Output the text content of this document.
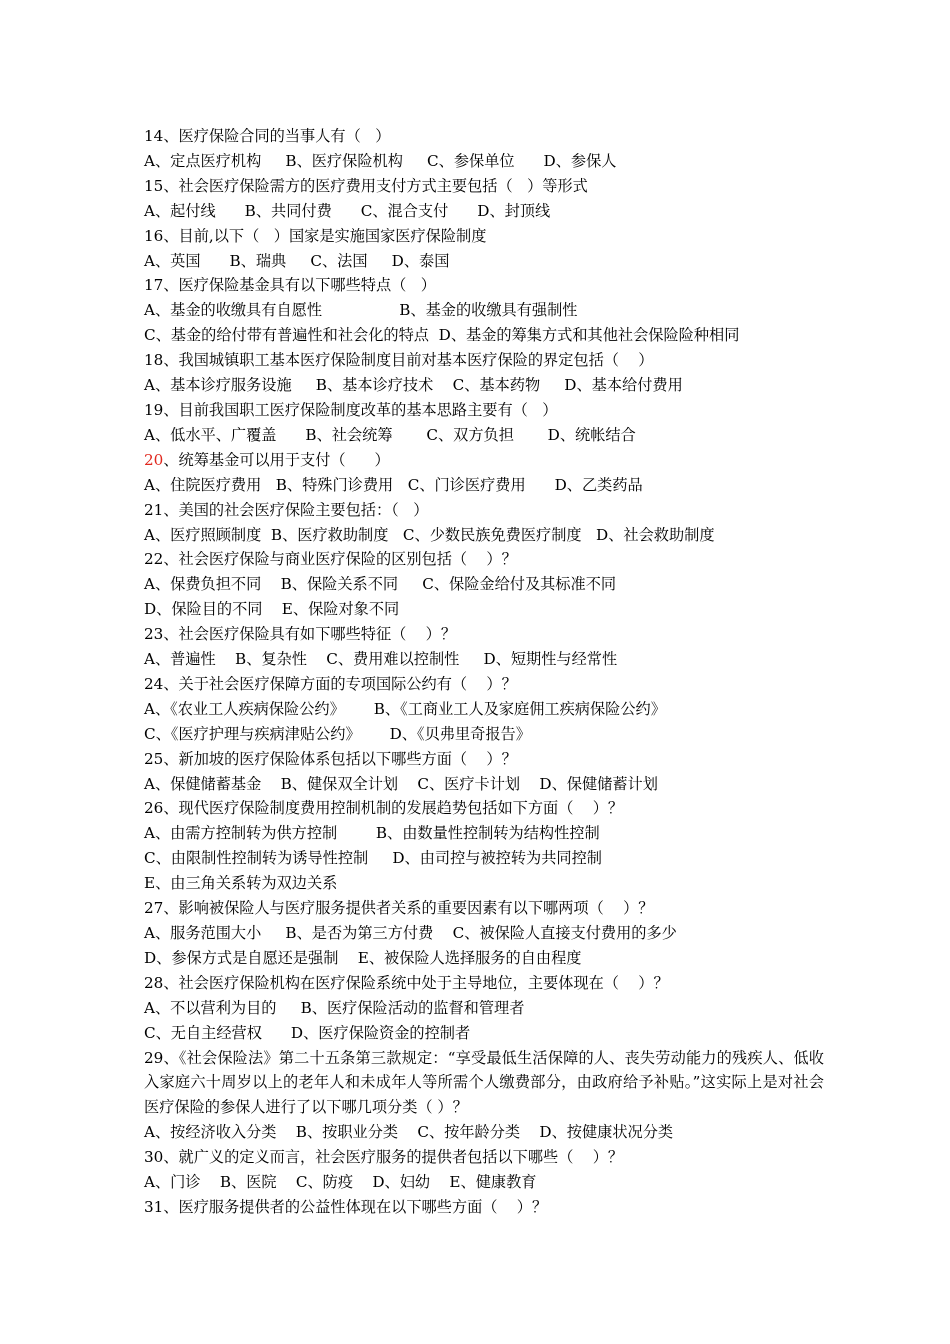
14、医疗保险合同的当事人有（   ）

A、定点医疗机构     B、医疗保险机构     C、参保单位      D、参保人

15、社会医疗保险需方的医疗费用支付方式主要包括（   ）等形式

A、起付线      B、共同付费      C、混合支付      D、封顶线

16、目前,以下（   ）国家是实施国家医疗保险制度

A、英国      B、瑞典     C、法国     D、泰国

17、医疗保险基金具有以下哪些特点（   ）

A、基金的收缴具有自愿性                B、基金的收缴具有强制性

C、基金的给付带有普遍性和社会化的特点  D、基金的筹集方式和其他社会保险险种相同

18、我国城镇职工基本医疗保险制度目前对基本医疗保险的界定包括（    ）

A、基本诊疗服务设施     B、基本诊疗技术    C、基本药物     D、基本给付费用

19、目前我国职工医疗保险制度改革的基本思路主要有（   ）

A、低水平、广覆盖      B、社会统筹       C、双方负担       D、统帐结合

20、统筹基金可以用于支付（      ）

A、住院医疗费用   B、特殊门诊费用   C、门诊医疗费用      D、乙类药品

21、美国的社会医疗保险主要包括：（   ）

A、医疗照顾制度  B、医疗救助制度   C、少数民族免费医疗制度   D、社会救助制度

22、社会医疗保险与商业医疗保险的区别包括（    ）？

A、保费负担不同    B、保险关系不同     C、保险金给付及其标准不同

D、保险目的不同    E、保险对象不同

23、社会医疗保险具有如下哪些特征（    ）？

A、普遍性    B、复杂性    C、费用难以控制性     D、短期性与经常性

24、关于社会医疗保障方面的专项国际公约有（    ）？

A、《农业工人疾病保险公约》      B、《工商业工人及家庭佣工疾病保险公约》

C、《医疗护理与疾病津贴公约》      D、《贝弗里奇报告》

25、新加坡的医疗保险体系包括以下哪些方面（    ）？

A、保健储蓄基金    B、健保双全计划    C、医疗卡计划    D、保健储蓄计划

26、现代医疗保险制度费用控制机制的发展趋势包括如下方面（    ）？

A、由需方控制转为供方控制        B、由数量性控制转为结构性控制

C、由限制性控制转为诱导性控制     D、由司控与被控转为共同控制

E、由三角关系转为双边关系

27、影响被保险人与医疗服务提供者关系的重要因素有以下哪两项（    ）？

A、服务范围大小     B、是否为第三方付费    C、被保险人直接支付费用的多少

D、参保方式是自愿还是强制    E、被保险人选择服务的自由程度

28、社会医疗保险机构在医疗保险系统中处于主导地位，主要体现在（    ）？

A、不以营利为目的     B、医疗保险活动的监督和管理者

C、无自主经营权      D、医疗保险资金的控制者

29、《社会保险法》第二十五条第三款规定：“享受最低生活保障的人、丧失劳动能力的残疾人、低收入家庭六十周岁以上的老年人和未成年人等所需个人缴费部分，由政府给予补贴。”这实际上是对社会医疗保险的参保人进行了以下哪几项分类（ ）？

A、按经济收入分类    B、按职业分类    C、按年龄分类    D、按健康状况分类

30、就广义的定义而言，社会医疗服务的提供者包括以下哪些（    ）？

A、门诊    B、医院    C、防疫    D、妇幼    E、健康教育

31、医疗服务提供者的公益性体现在以下哪些方面（    ）？
